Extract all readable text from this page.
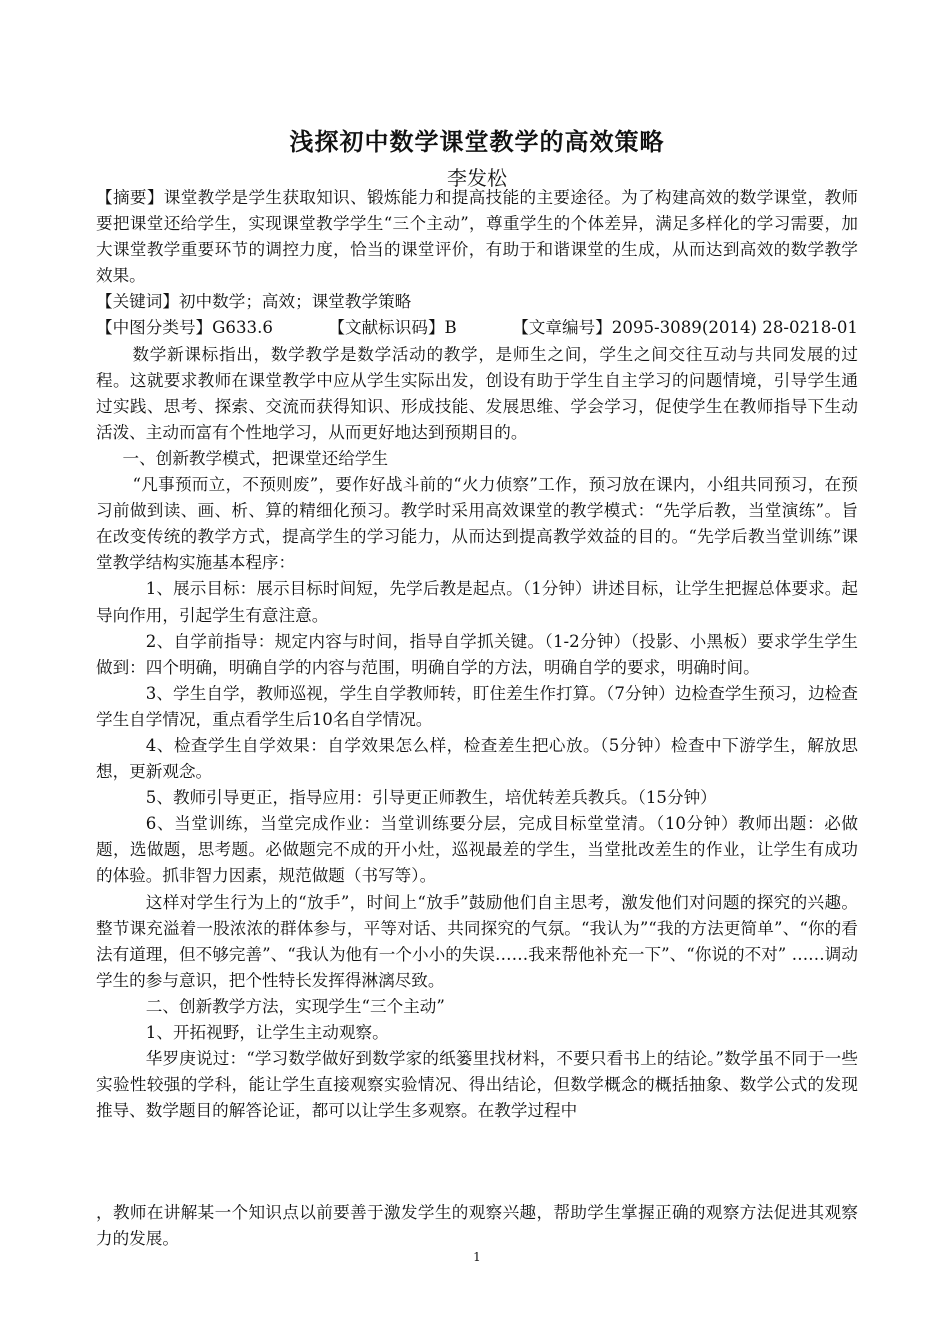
浅探初中数学课堂教学的高效策略
李发松

【摘要】课堂教学是学生获取知识、锻炼能力和提高技能的主要途径。为了构建高效的数学课堂，教师要把课堂还给学生，实现课堂教学学生“三个主动”，尊重学生的个体差异，满足多样化的学习需要，加大课堂教学重要环节的调控力度，恰当的课堂评价，有助于和谐课堂的生成，从而达到高效的数学教学效果。

【关键词】初中数学；高效；课堂教学策略

【中图分类号】G633.6	【文献标识码】B	【文章编号】2095-3089(2014) 28-0218-01

数学新课标指出，数学教学是数学活动的教学，是师生之间，学生之间交往互动与共同发展的过程。这就要求教师在课堂教学中应从学生实际出发，创设有助于学生自主学习的问题情境，引导学生通过实践、思考、探索、交流而获得知识、形成技能、发展思维、学会学习，促使学生在教师指导下生动活泼、主动而富有个性地学习，从而更好地达到预期目的。

一、创新教学模式，把课堂还给学生

“凡事预而立，不预则废”，要作好战斗前的“火力侦察”工作，预习放在课内，小组共同预习，在预习前做到读、画、析、算的精细化预习。教学时采用高效课堂的教学模式：“先学后教，当堂演练”。旨在改变传统的教学方式，提高学生的学习能力，从而达到提高教学效益的目的。“先学后教当堂训练”课堂教学结构实施基本程序：

1、展示目标：展示目标时间短，先学后教是起点。（1分钟）讲述目标，让学生把握总体要求。起导向作用，引起学生有意注意。

2、自学前指导：规定内容与时间，指导自学抓关键。（1-2分钟）（投影、小黑板）要求学生学生做到：四个明确，明确自学的内容与范围，明确自学的方法，明确自学的要求，明确时间。

3、学生自学，教师巡视，学生自学教师转，盯住差生作打算。（7分钟）边检查学生预习，边检查学生自学情况，重点看学生后10名自学情况。

4、检查学生自学效果：自学效果怎么样，检查差生把心放。（5分钟）检查中下游学生，解放思想，更新观念。

5、教师引导更正，指导应用：引导更正师教生，培优转差兵教兵。（15分钟）

6、当堂训练，当堂完成作业：当堂训练要分层，完成目标堂堂清。（10分钟）教师出题：必做题，选做题，思考题。必做题完不成的开小灶，巡视最差的学生，当堂批改差生的作业，让学生有成功的体验。抓非智力因素，规范做题（书写等）。

这样对学生行为上的“放手”，时间上“放手”鼓励他们自主思考，激发他们对问题的探究的兴趣。整节课充溢着一股浓浓的群体参与，平等对话、共同探究的气氛。“我认为”“我的方法更简单”、“你的看法有道理，但不够完善”、“我认为他有一个小小的失误……我来帮他补充一下”、“你说的不对” ……调动学生的参与意识，把个性特长发挥得淋漓尽致。

二、创新教学方法，实现学生“三个主动”

1、开拓视野，让学生主动观察。

华罗庚说过：“学习数学做好到数学家的纸篓里找材料，不要只看书上的结论。”数学虽不同于一些实验性较强的学科，能让学生直接观察实验情况、得出结论，但数学概念的概括抽象、数学公式的发现推导、数学题目的解答论证，都可以让学生多观察。在教学过程中

，教师在讲解某一个知识点以前要善于激发学生的观察兴趣，帮助学生掌握正确的观察方法促进其观察力的发展。

1
